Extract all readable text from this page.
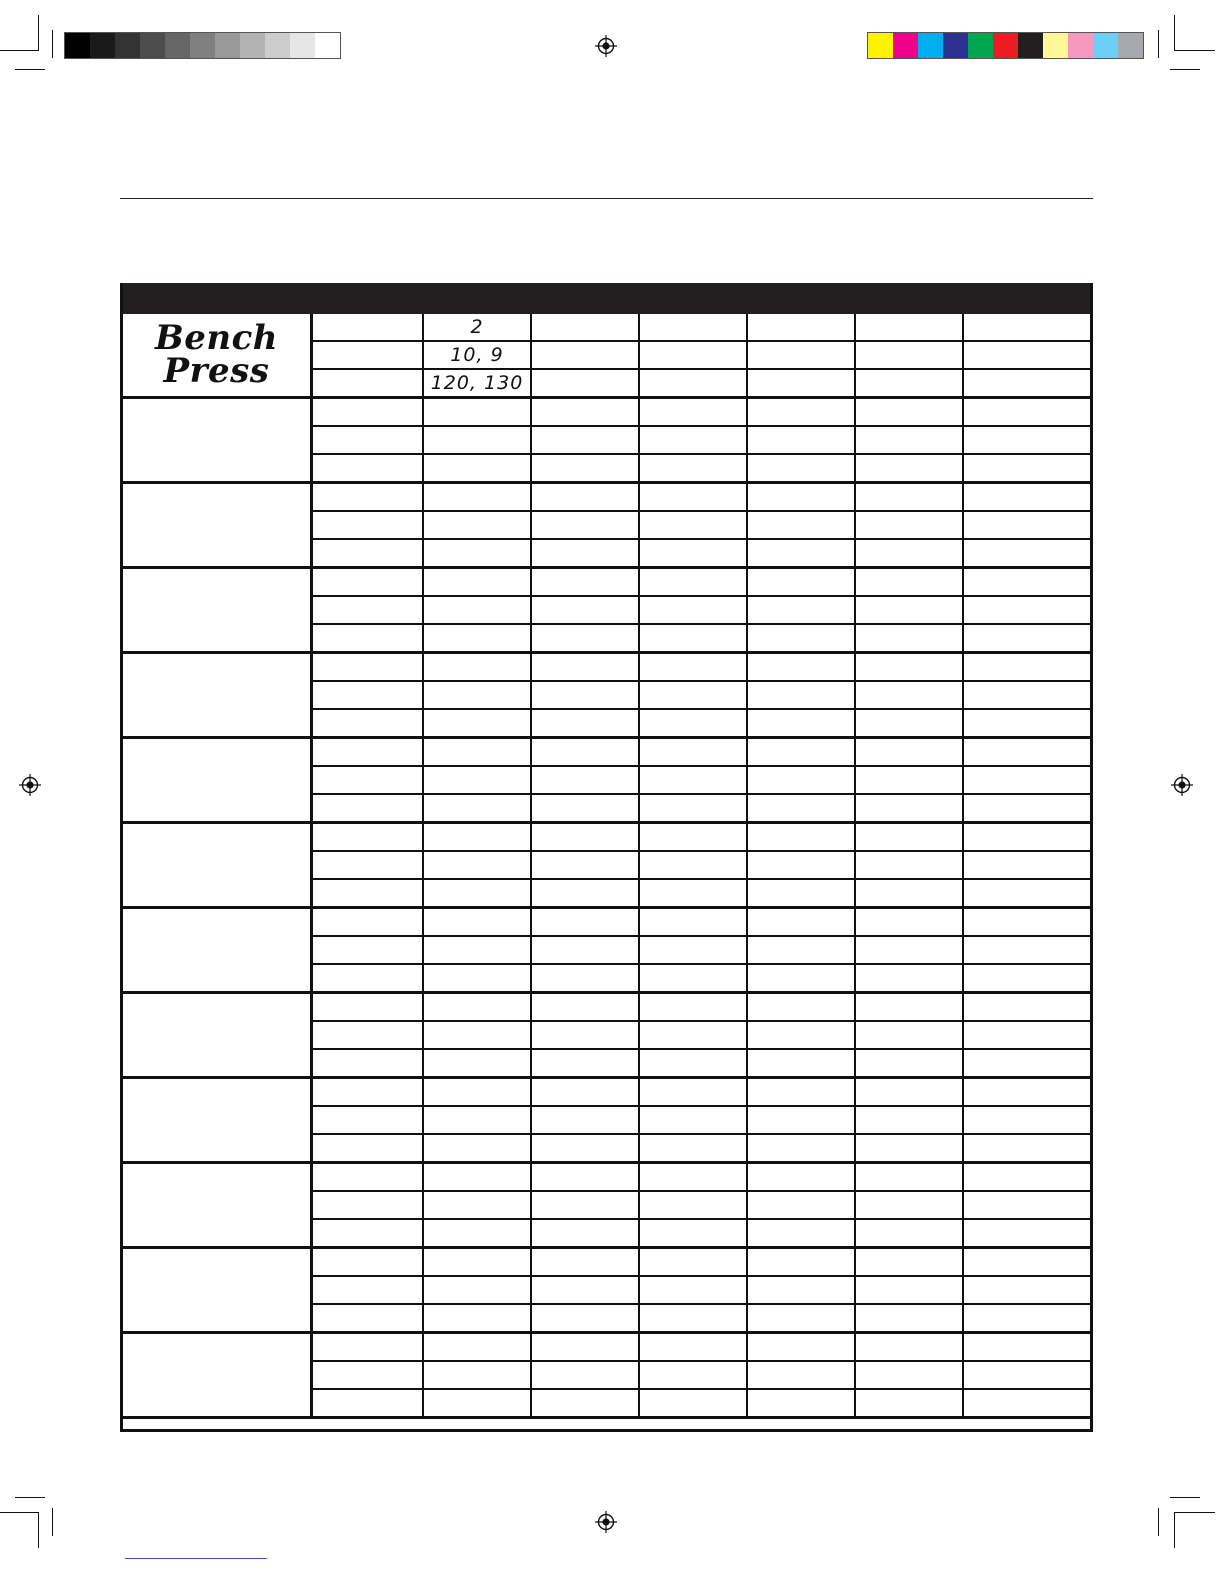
Bench
Press
2
10, 9
120, 130
